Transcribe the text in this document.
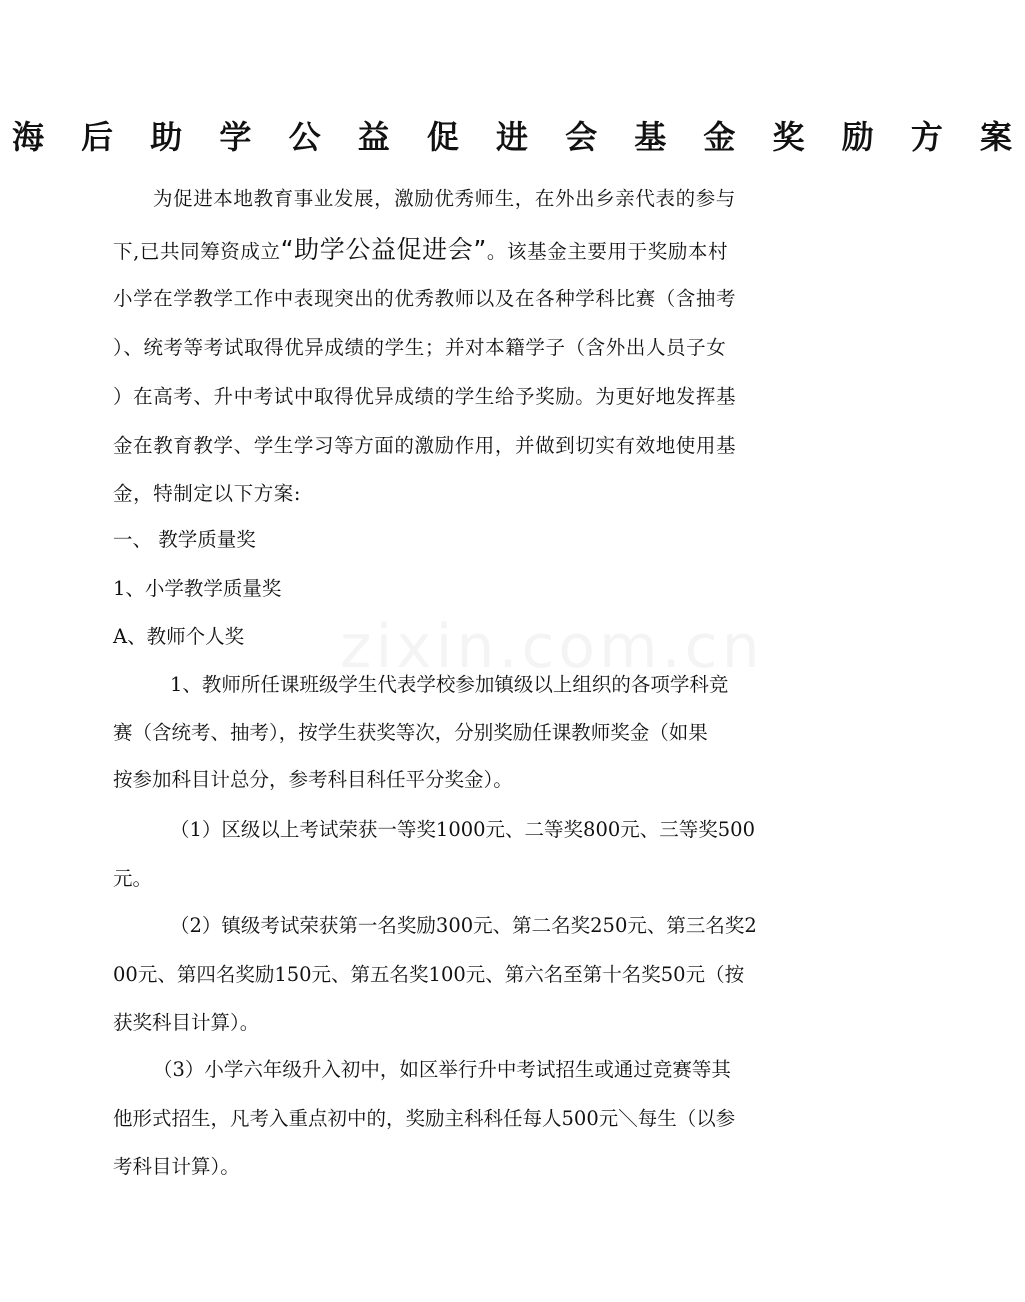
海 后 助 学 公 益 促 进 会 基 金 奖 励 方 案
为促进本地教育事业发展，激励优秀师生，在外出乡亲代表的参与
下,已共同筹资成立“助学公益促进会”。该基金主要用于奖励本村
小学在学教学工作中表现突出的优秀教师以及在各种学科比赛（含抽考
）、统考等考试取得优异成绩的学生；并对本籍学子（含外出人员子女
）在高考、升中考试中取得优异成绩的学生给予奖励。为更好地发挥基
金在教育教学、学生学习等方面的激励作用，并做到切实有效地使用基
金，特制定以下方案:
一、 教学质量奖
1、小学教学质量奖
A、教师个人奖
1、教师所任课班级学生代表学校参加镇级以上组织的各项学科竞
赛（含统考、抽考），按学生获奖等次，分别奖励任课教师奖金（如果
按参加科目计总分，参考科目科任平分奖金）。
（1）区级以上考试荣获一等奖1000元、二等奖800元、三等奖500
元。
（2）镇级考试荣获第一名奖励300元、第二名奖250元、第三名奖2
00元、第四名奖励150元、第五名奖100元、第六名至第十名奖50元（按
获奖科目计算）。
（3）小学六年级升入初中，如区举行升中考试招生或通过竞赛等其
他形式招生，凡考入重点初中的，奖励主科科任每人500元＼每生（以参
考科目计算）。
